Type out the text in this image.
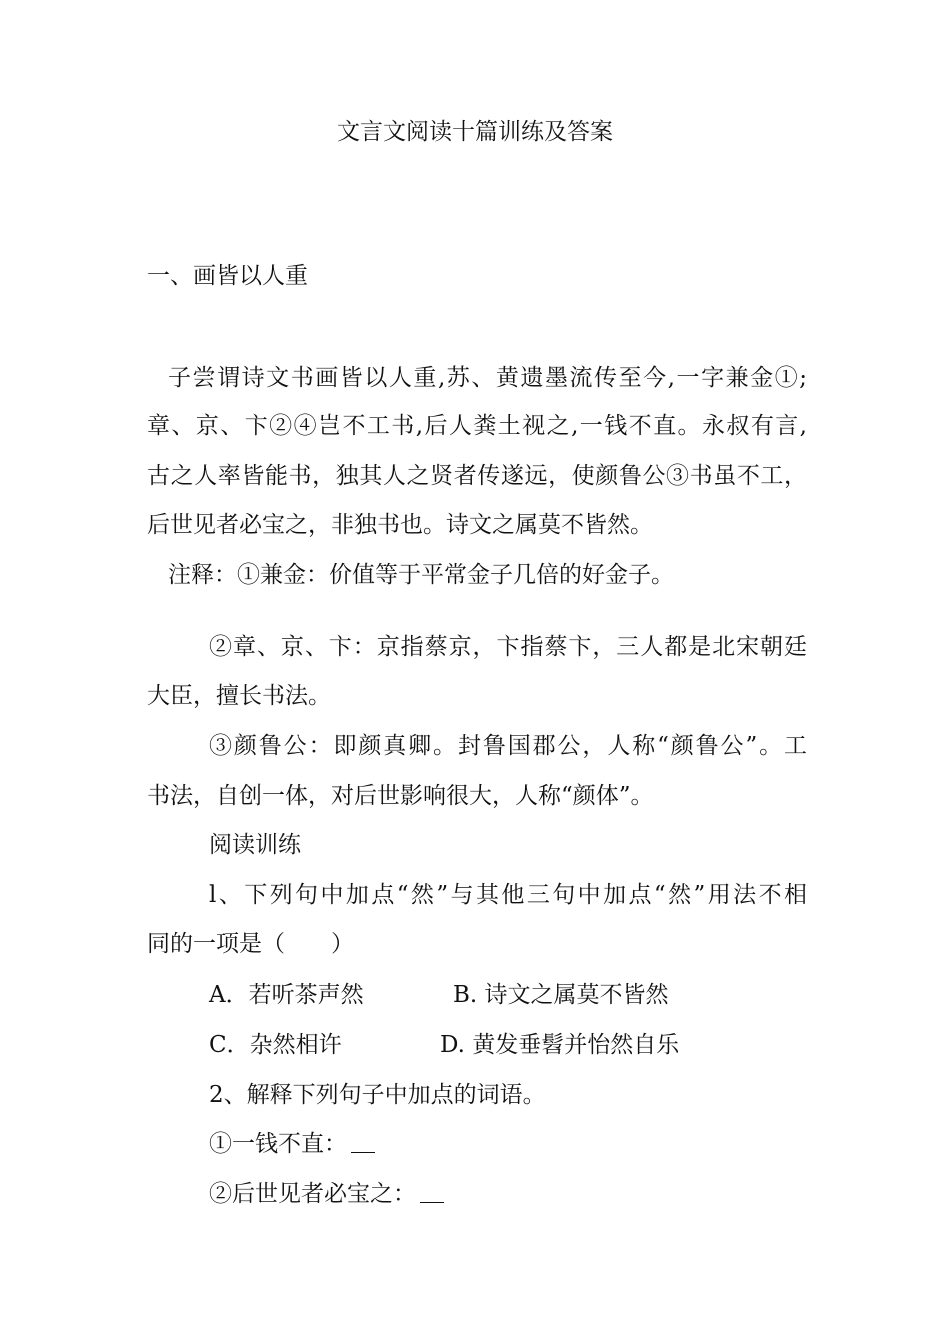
文言文阅读十篇训练及答案
一、画皆以人重
子尝谓诗文书画皆以人重,苏、黄遗墨流传至今,一字兼金①;
章、京、卞②④岂不工书,后人粪土视之,一钱不直。永叔有言,
古之人率皆能书，独其人之贤者传遂远，使颜鲁公③书虽不工，
后世见者必宝之，非独书也。诗文之属莫不皆然。
注释：①兼金：价值等于平常金子几倍的好金子。
②章、京、卞：京指蔡京，卞指蔡卞，三人都是北宋朝廷
大臣，擅长书法。
③颜鲁公：即颜真卿。封鲁国郡公，人称“颜鲁公”。工
书法，自创一体，对后世影响很大，人称“颜体”。
阅读训练
l、下列句中加点“然”与其他三句中加点“然”用法不相
同的一项是（　　）
A．若听茶声然	B. 诗文之属莫不皆然
C．杂然相许	D. 黄发垂髫并怡然自乐
2、解释下列句子中加点的词语。
①一钱不直：
②后世见者必宝之：
